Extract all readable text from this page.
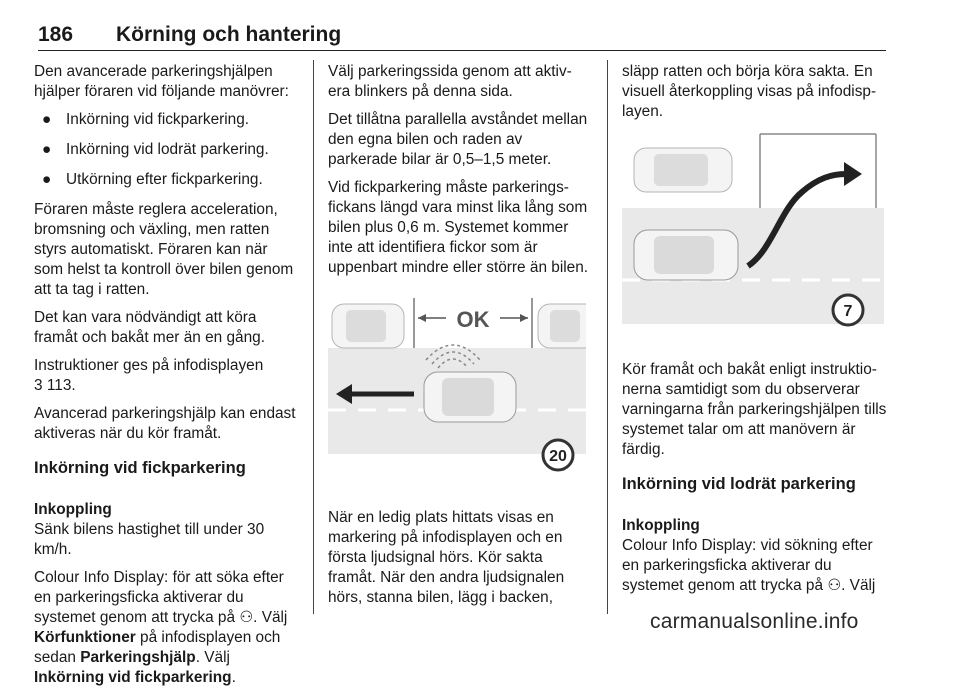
186 Körning och hantering

Den avancerade parkeringshjälpen hjälper föraren vid följande manövrer:

● Inkörning vid fickparkering.
● Inkörning vid lodrät parkering.
● Utkörning efter fickparkering.

Föraren måste reglera acceleration, bromsning och växling, men ratten styrs automatiskt. Föraren kan när som helst ta kontroll över bilen genom att ta tag i ratten.

Det kan vara nödvändigt att köra framåt och bakåt mer än en gång.

Instruktioner ges på infodisplayen
3 113.

Avancerad parkeringshjälp kan endast aktiveras när du kör framåt.

Inkörning vid fickparkering
Inkoppling

Sänk bilens hastighet till under 30 km/h.

Colour Info Display: för att söka efter en parkeringsficka aktiverar du systemet genom att trycka på ⚇. Välj Körfunktioner på infodisplayen och sedan Parkeringshjälp. Välj Inkörning vid fickparkering.

Välj parkeringssida genom att aktiv- era blinkers på denna sida.

Det tillåtna parallella avståndet mellan den egna bilen och raden av parkerade bilar är 0,5–1,5 meter.

Vid fickparkering måste parkerings- fickans längd vara minst lika lång som bilen plus 0,6 m. Systemet kommer inte att identifiera fickor som är uppenbart mindre eller större än bilen.

OK
20

När en ledig plats hittats visas en markering på infodisplayen och en första ljudsignal hörs. Kör sakta framåt. När den andra ljudsignalen hörs, stanna bilen, lägg i backen,

släpp ratten och börja köra sakta. En visuell återkoppling visas på infodisp- layen.

7

Kör framåt och bakåt enligt instruktio- nerna samtidigt som du observerar varningarna från parkeringshjälpen tills systemet talar om att manövern är färdig.

Inkörning vid lodrät parkering
Inkoppling

Colour Info Display: vid sökning efter en parkeringsficka aktiverar du systemet genom att trycka på ⚇. Välj

carmanualsonline.info
